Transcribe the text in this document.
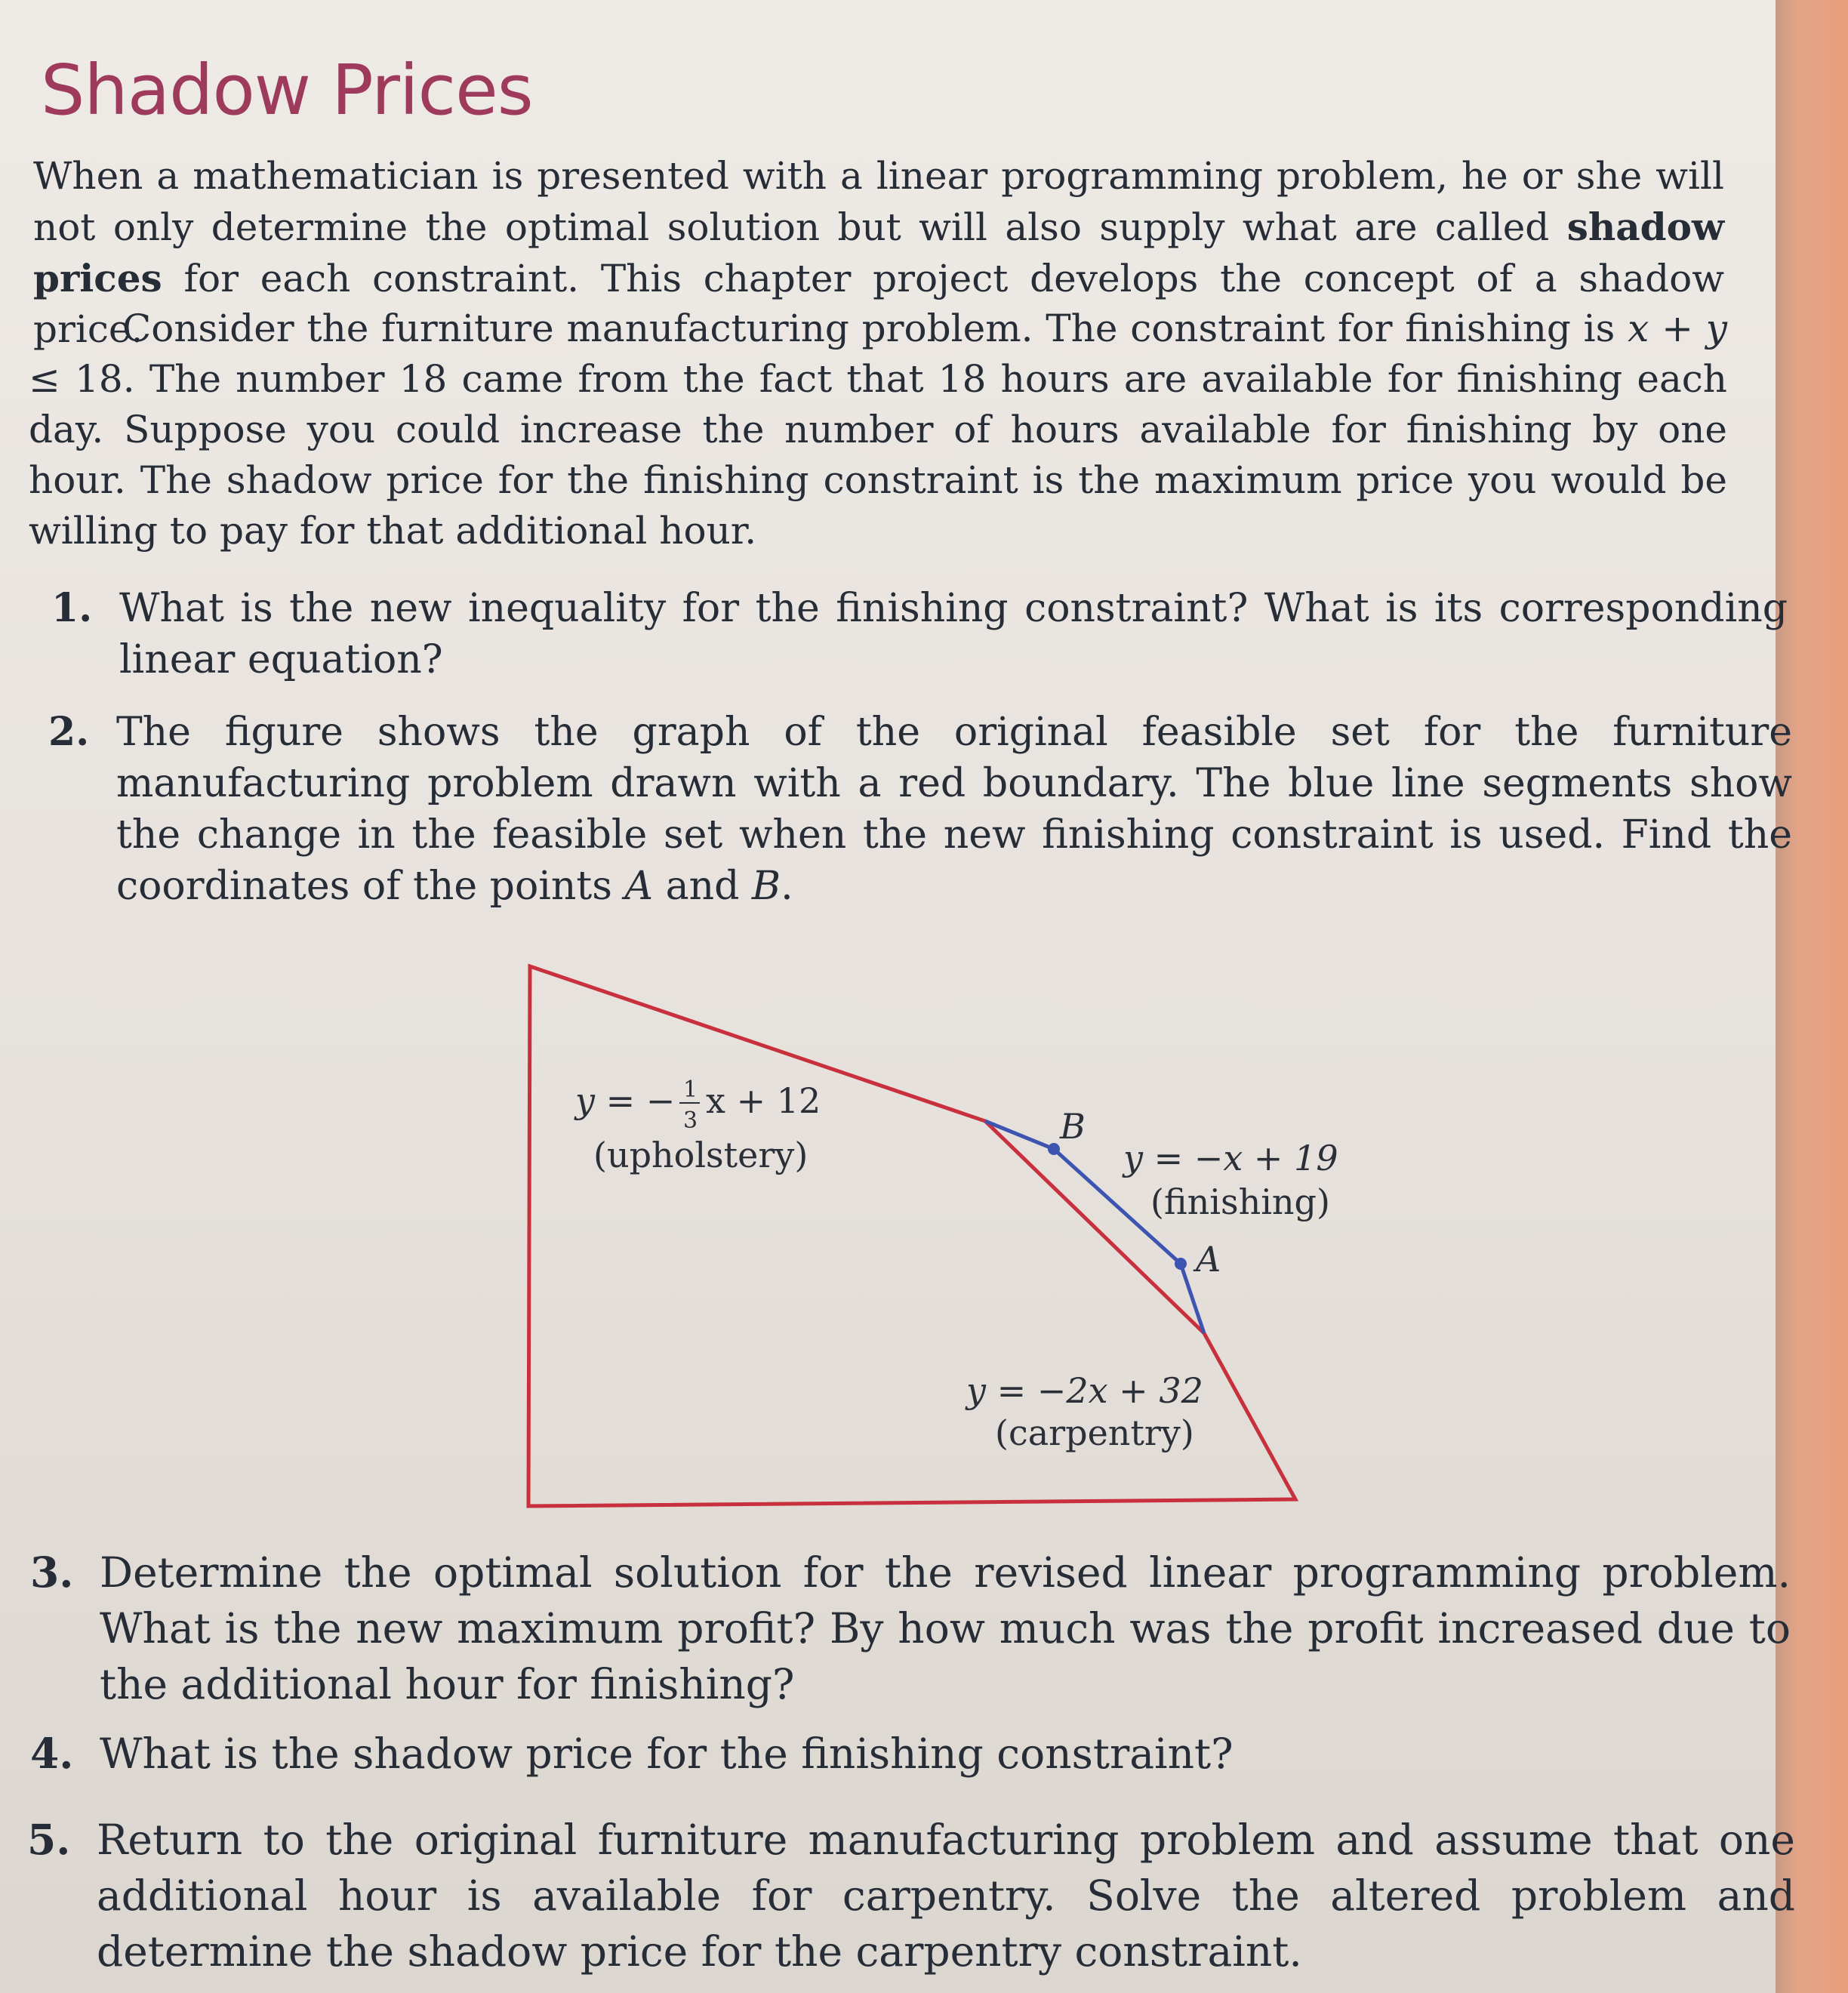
Shadow Prices

When a mathematician is presented with a linear programming problem, he or she will not only determine the optimal solution but will also supply what are called shadow prices for each constraint. This chapter project develops the concept of a shadow price.

Consider the furniture manufacturing problem. The constraint for finishing is x + y ≤ 18. The number 18 came from the fact that 18 hours are available for finishing each day. Suppose you could increase the number of hours available for finishing by one hour. The shadow price for the finishing constraint is the maximum price you would be willing to pay for that additional hour.

1. What is the new inequality for the finishing constraint? What is its corresponding linear equation?
2. The figure shows the graph of the original feasible set for the furniture manufacturing problem drawn with a red boundary. The blue line segments show the change in the feasible set when the new finishing constraint is used. Find the coordinates of the points A and B.
y = − 1
3 x + 12
(upholstery)
B
A
y = −x + 19
(finishing)
y = −2x + 32
(carpentry)
3. Determine the optimal solution for the revised linear programming problem. What is the new maximum profit? By how much was the profit increased due to the additional hour for finishing?
4. What is the shadow price for the finishing constraint?
5. Return to the original furniture manufacturing problem and assume that one additional hour is available for carpentry. Solve the altered problem and determine the shadow price for the carpentry constraint.
